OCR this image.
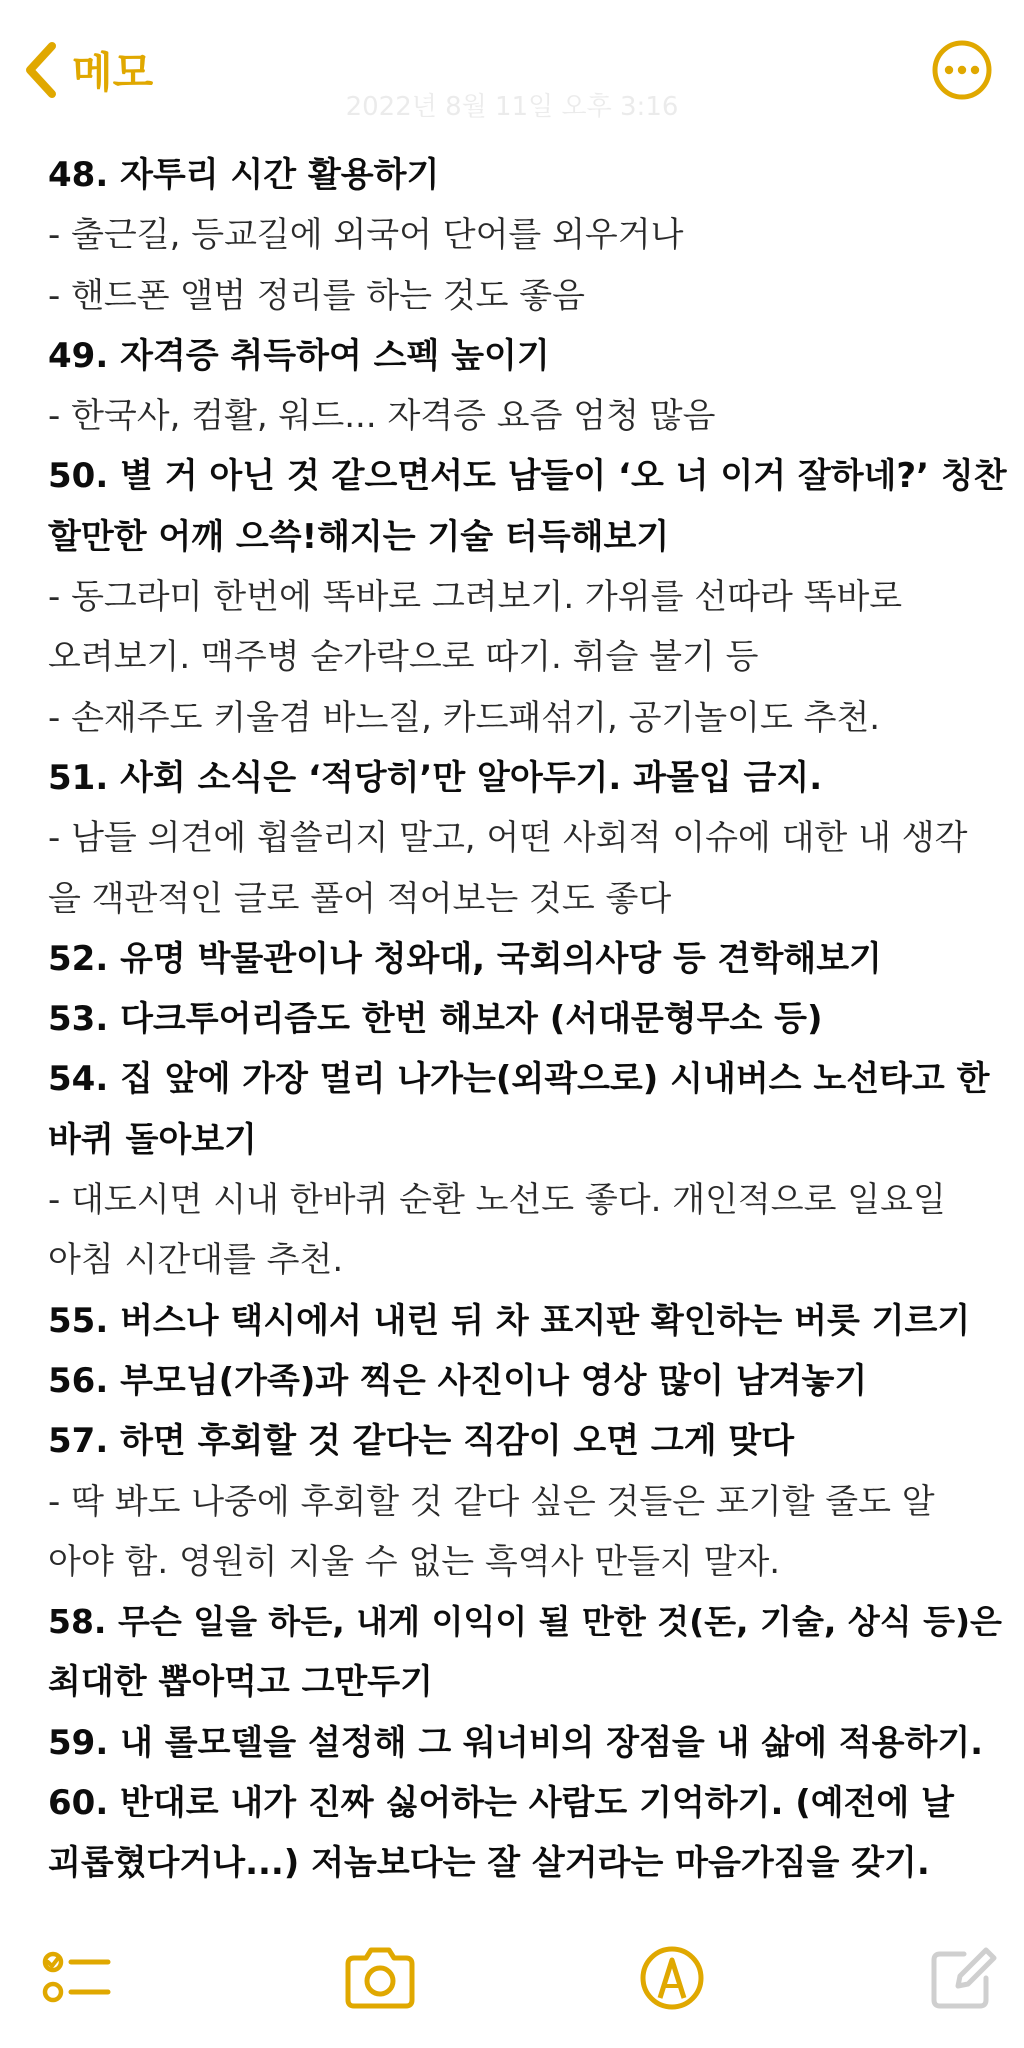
메모
2022년 8월 11일 오후 3:16
48. 자투리 시간 활용하기
- 출근길, 등교길에 외국어 단어를 외우거나
- 핸드폰 앨범 정리를 하는 것도 좋음
49. 자격증 취득하여 스펙 높이기
- 한국사, 컴활, 워드... 자격증 요즘 엄청 많음
50. 별 거 아닌 것 같으면서도 남들이 ‘오 너 이거 잘하네?’ 칭찬
할만한 어깨 으쓱!해지는 기술 터득해보기
- 동그라미 한번에 똑바로 그려보기. 가위를 선따라 똑바로
오려보기. 맥주병 숟가락으로 따기. 휘슬 불기 등
- 손재주도 키울겸 바느질, 카드패섞기, 공기놀이도 추천.
51. 사회 소식은 ‘적당히’만 알아두기. 과몰입 금지.
- 남들 의견에 휩쓸리지 말고, 어떤 사회적 이슈에 대한 내 생각
을 객관적인 글로 풀어 적어보는 것도 좋다
52. 유명 박물관이나 청와대, 국회의사당 등 견학해보기
53. 다크투어리즘도 한번 해보자 (서대문형무소 등)
54. 집 앞에 가장 멀리 나가는(외곽으로) 시내버스 노선타고 한
바퀴 돌아보기
- 대도시면 시내 한바퀴 순환 노선도 좋다. 개인적으로 일요일
아침 시간대를 추천.
55. 버스나 택시에서 내린 뒤 차 표지판 확인하는 버릇 기르기
56. 부모님(가족)과 찍은 사진이나 영상 많이 남겨놓기
57. 하면 후회할 것 같다는 직감이 오면 그게 맞다
- 딱 봐도 나중에 후회할 것 같다 싶은 것들은 포기할 줄도 알
아야 함. 영원히 지울 수 없는 흑역사 만들지 말자.
58. 무슨 일을 하든, 내게 이익이 될 만한 것(돈, 기술, 상식 등)은
최대한 뽑아먹고 그만두기
59. 내 롤모델을 설정해 그 워너비의 장점을 내 삶에 적용하기.
60. 반대로 내가 진짜 싫어하는 사람도 기억하기. (예전에 날
괴롭혔다거나...) 저놈보다는 잘 살거라는 마음가짐을 갖기.
